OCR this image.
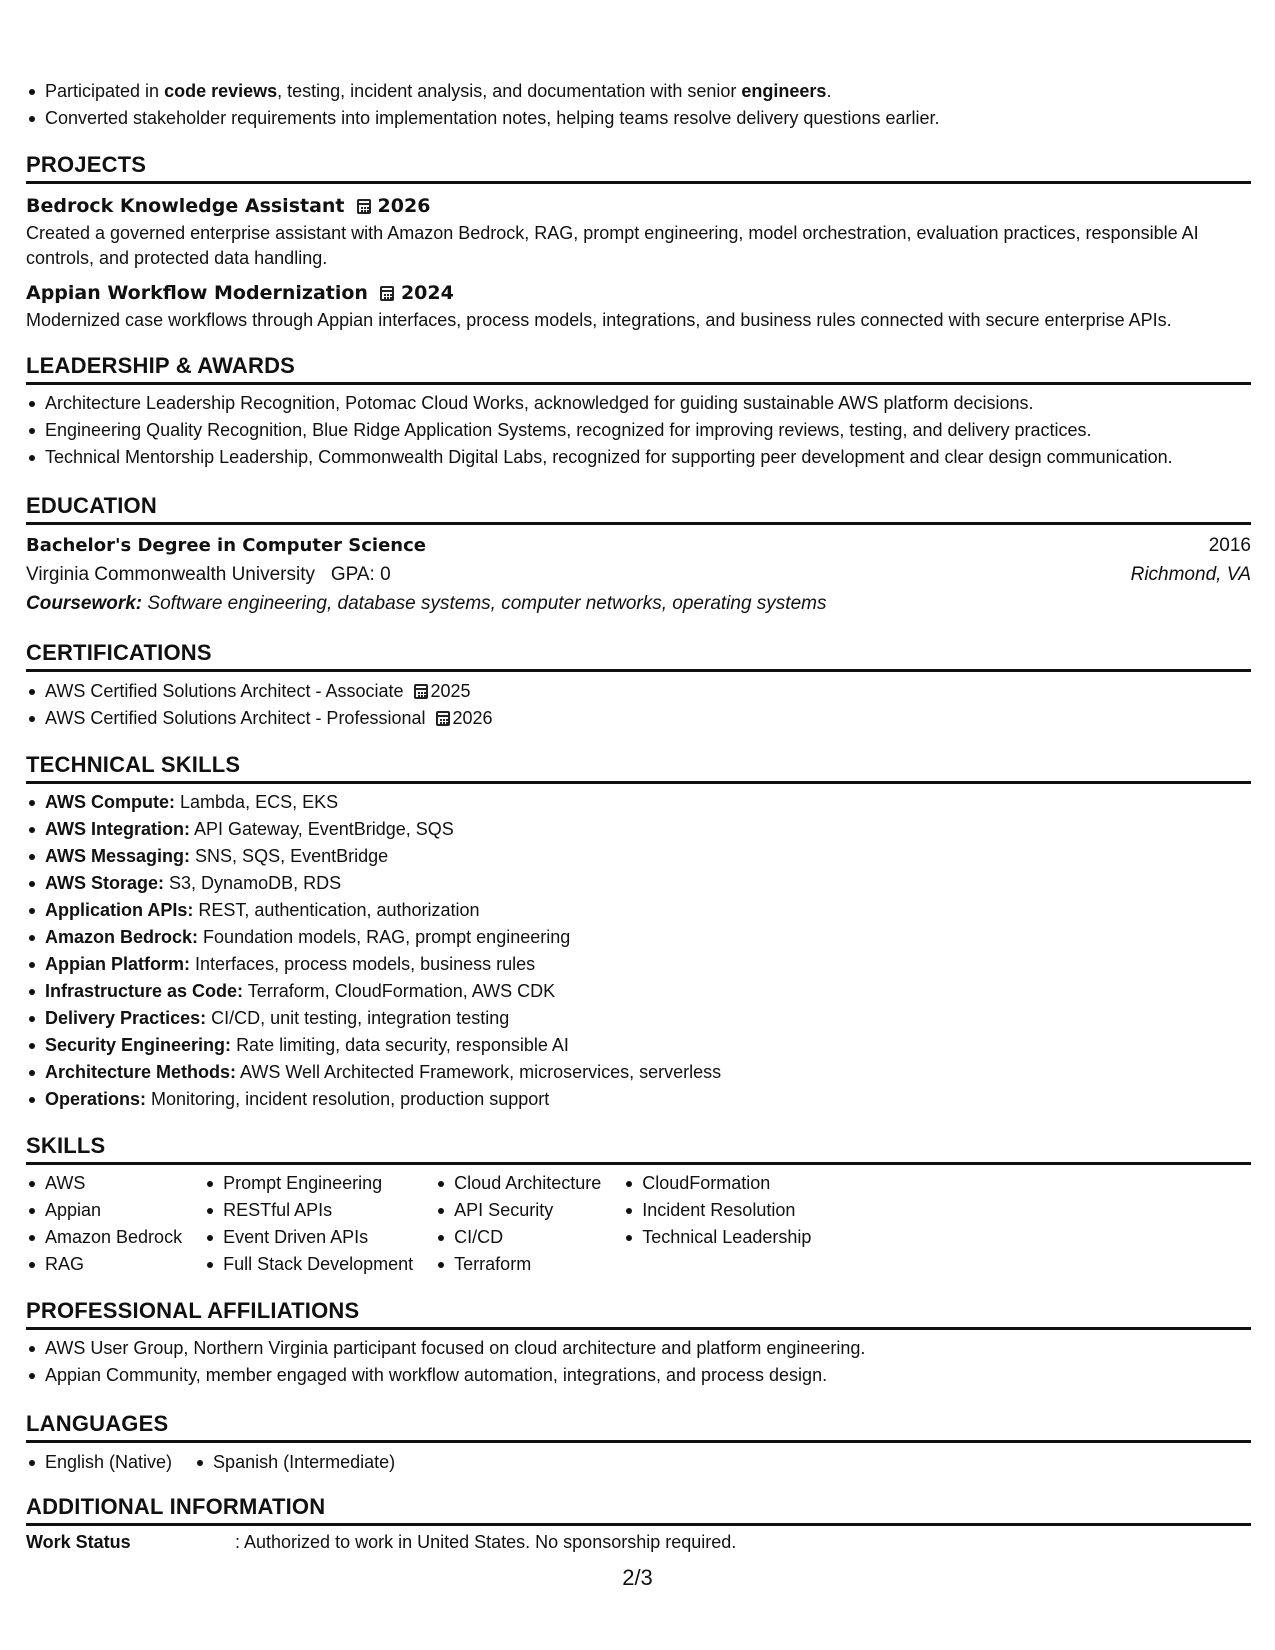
Participated in code reviews, testing, incident analysis, and documentation with senior engineers.
Converted stakeholder requirements into implementation notes, helping teams resolve delivery questions earlier.
PROJECTS
Bedrock Knowledge Assistant 2026
Created a governed enterprise assistant with Amazon Bedrock, RAG, prompt engineering, model orchestration, evaluation practices, responsible AI controls, and protected data handling.
Appian Workflow Modernization 2024
Modernized case workflows through Appian interfaces, process models, integrations, and business rules connected with secure enterprise APIs.
LEADERSHIP & AWARDS
Architecture Leadership Recognition, Potomac Cloud Works, acknowledged for guiding sustainable AWS platform decisions.
Engineering Quality Recognition, Blue Ridge Application Systems, recognized for improving reviews, testing, and delivery practices.
Technical Mentorship Leadership, Commonwealth Digital Labs, recognized for supporting peer development and clear design communication.
EDUCATION
Bachelor's Degree in Computer Science	2016
Virginia Commonwealth University GPA: 0	Richmond, VA
Coursework: Software engineering, database systems, computer networks, operating systems
CERTIFICATIONS
AWS Certified Solutions Architect - Associate 2025
AWS Certified Solutions Architect - Professional 2026
TECHNICAL SKILLS
AWS Compute: Lambda, ECS, EKS
AWS Integration: API Gateway, EventBridge, SQS
AWS Messaging: SNS, SQS, EventBridge
AWS Storage: S3, DynamoDB, RDS
Application APIs: REST, authentication, authorization
Amazon Bedrock: Foundation models, RAG, prompt engineering
Appian Platform: Interfaces, process models, business rules
Infrastructure as Code: Terraform, CloudFormation, AWS CDK
Delivery Practices: CI/CD, unit testing, integration testing
Security Engineering: Rate limiting, data security, responsible AI
Architecture Methods: AWS Well Architected Framework, microservices, serverless
Operations: Monitoring, incident resolution, production support
SKILLS
AWS
Appian
Amazon Bedrock
RAG
Prompt Engineering
RESTful APIs
Event Driven APIs
Full Stack Development
Cloud Architecture
API Security
CI/CD
Terraform
CloudFormation
Incident Resolution
Technical Leadership
PROFESSIONAL AFFILIATIONS
AWS User Group, Northern Virginia participant focused on cloud architecture and platform engineering.
Appian Community, member engaged with workflow automation, integrations, and process design.
LANGUAGES
English (Native)	Spanish (Intermediate)
ADDITIONAL INFORMATION
Work Status	: Authorized to work in United States. No sponsorship required.
2/3
